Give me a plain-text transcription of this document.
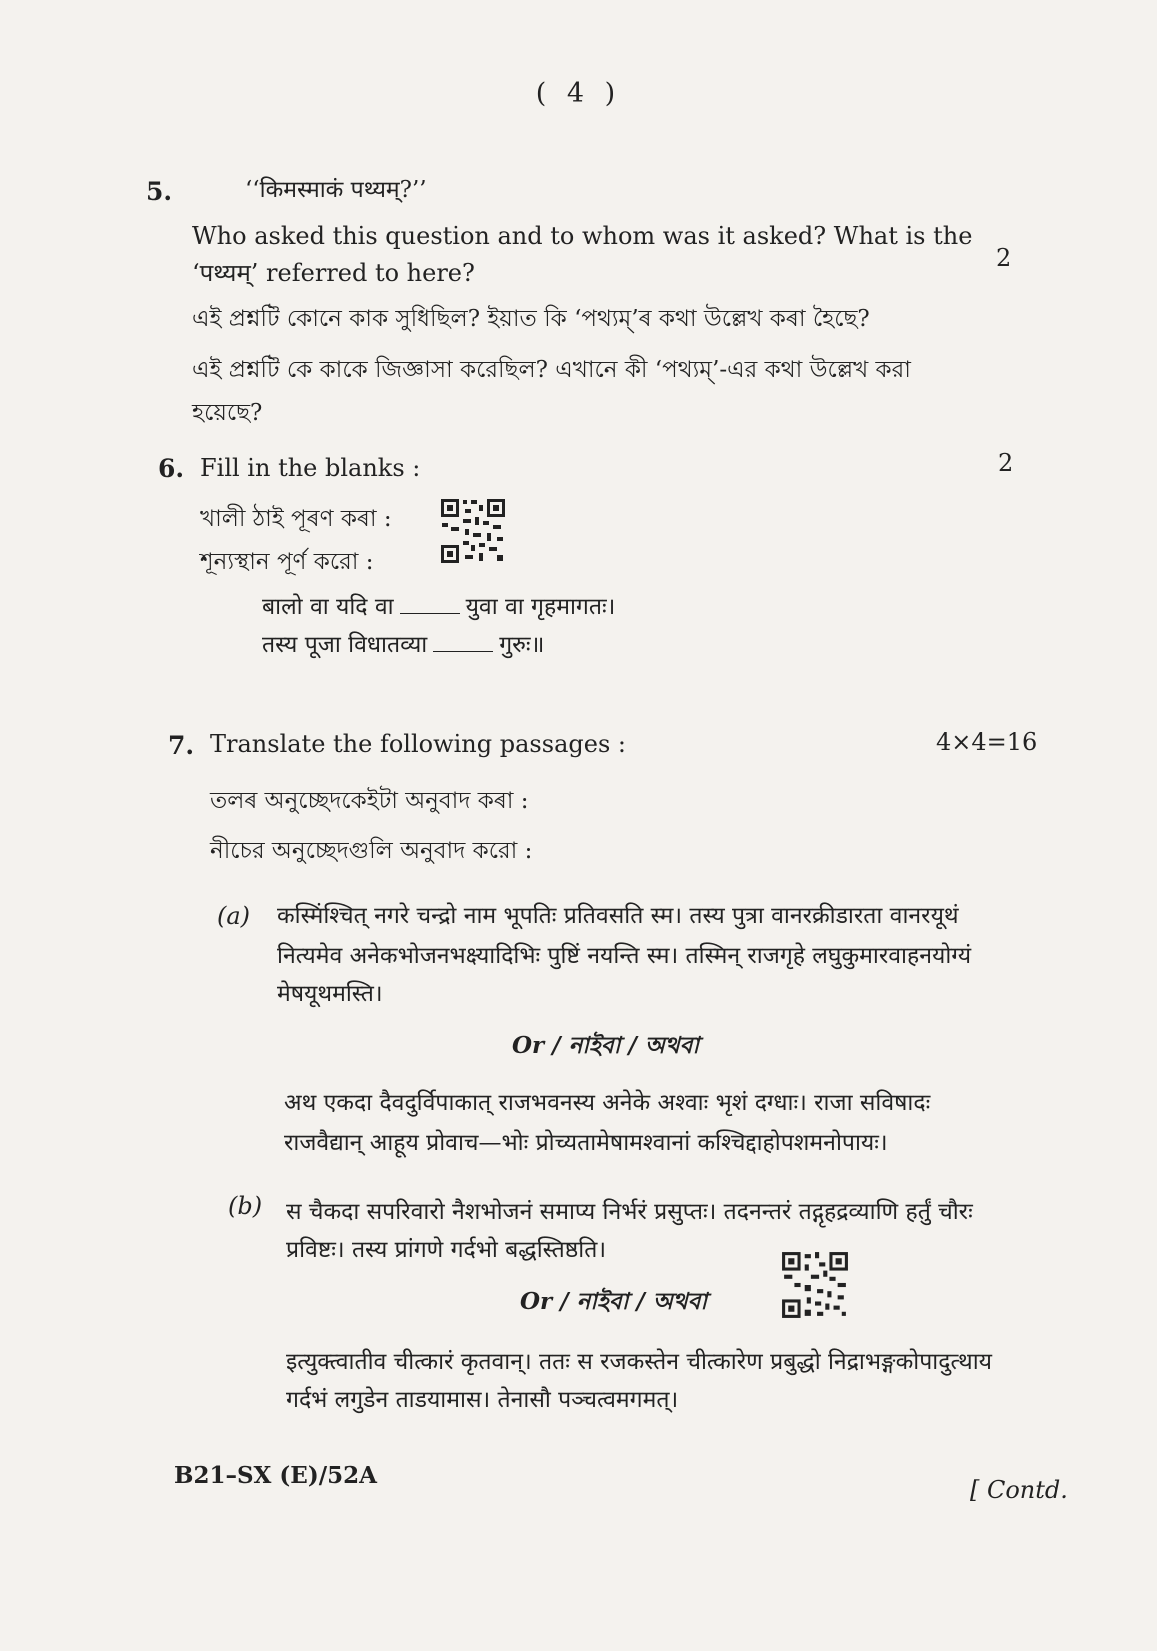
( 4 )
5.	‘‘किमस्माकं पथ्यम्?’’
Who asked this question and to whom was it asked? What is the
‘पथ्यम्’ referred to here?
2
এই প্ৰশ্নটি কোনে কাক সুধিছিল? ইয়াত কি ‘পথ্যম্’ৰ কথা উল্লেখ কৰা হৈছে?
এই প্রশ্নটি কে কাকে জিজ্ঞাসা করেছিল? এখানে কী ‘পথ্যম্’-এর কথা উল্লেখ করা
হয়েছে?
6. Fill in the blanks :	2
খালী ঠাই পূৰণ কৰা :
শূন্যস্থান পূর্ণ করো :
बालो वा यदि वा	युवा वा गृहमागतः।
तस्य पूजा विधातव्या	गुरुः॥
7. Translate the following passages :	4×4=16
তলৰ অনুচ্ছেদকেইটা অনুবাদ কৰা :
নীচের অনুচ্ছেদগুলি অনুবাদ করো :
(a) कस्मिंश्चित् नगरे चन्द्रो नाम भूपतिः प्रतिवसति स्म। तस्य पुत्रा वानरक्रीडारता वानरयूथं
नित्यमेव अनेकभोजनभक्ष्यादिभिः पुष्टिं नयन्ति स्म। तस्मिन् राजगृहे लघुकुमारवाहनयोग्यं
मेषयूथमस्ति।
Or / নাইবা / অথবা
अथ एकदा दैवदुर्विपाकात् राजभवनस्य अनेके अश्वाः भृशं दग्धाः। राजा सविषादः
राजवैद्यान् आहूय प्रोवाच—भोः प्रोच्यतामेषामश्वानां कश्चिद्दाहोपशमनोपायः।
(b) स चैकदा सपरिवारो नैशभोजनं समाप्य निर्भरं प्रसुप्तः। तदनन्तरं तद्गृहद्रव्याणि हर्तुं चौरः
प्रविष्टः। तस्य प्रांगणे गर्दभो बद्धस्तिष्ठति।
Or / নাইবা / অথবা
इत्युक्त्वातीव चीत्कारं कृतवान्। ततः स रजकस्तेन चीत्कारेण प्रबुद्धो निद्राभङ्गकोपादुत्थाय
गर्दभं लगुडेन ताडयामास। तेनासौ पञ्चत्वमगमत्।
B21–SX (E)/52A
[ Contd.
